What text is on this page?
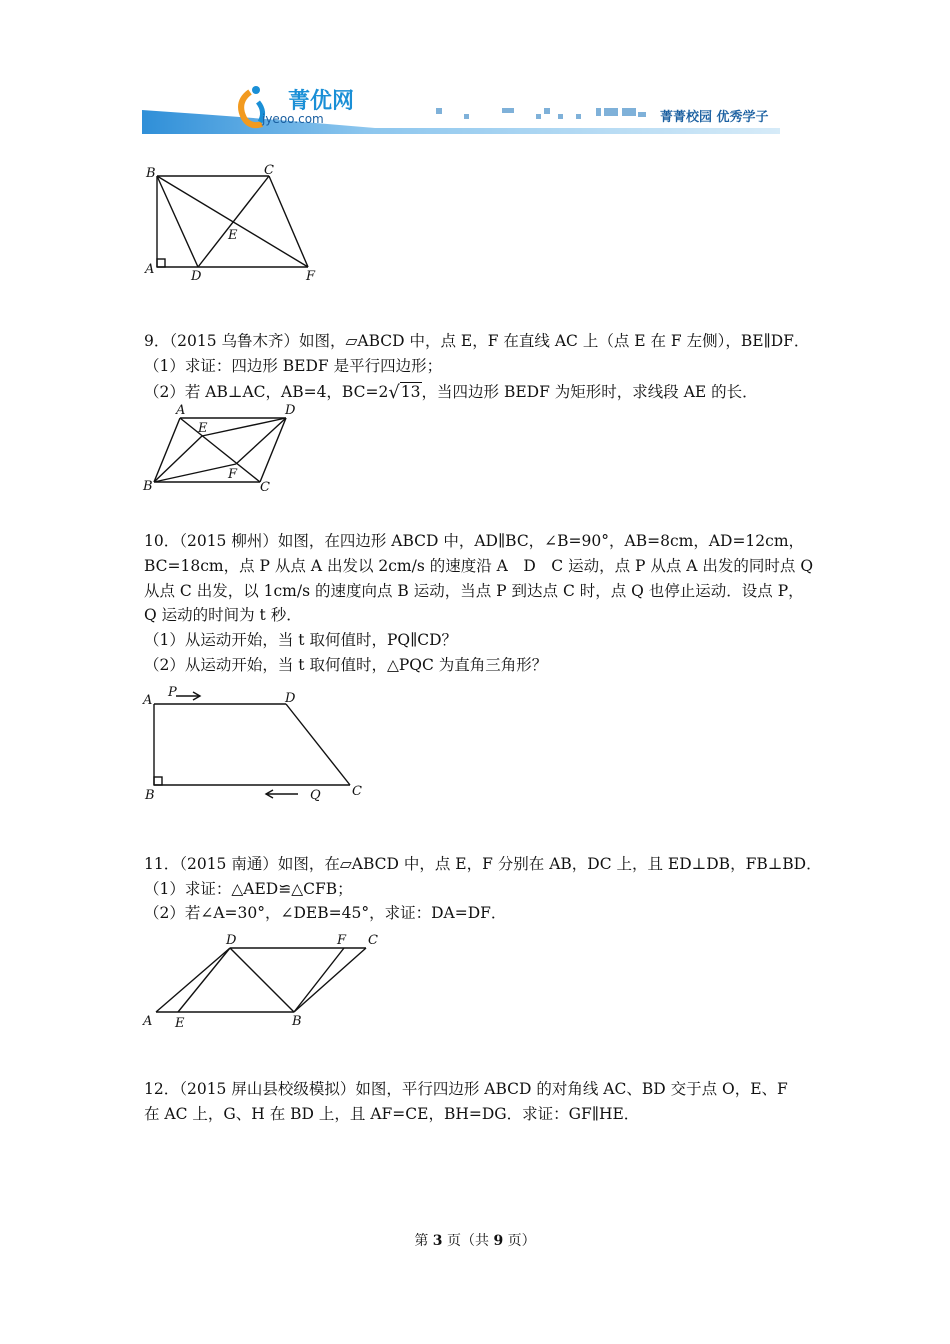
菁优网
jyeoo.com	菁菁校园 优秀学子
B	C
E
A	D	F
9．（2015 乌鲁木齐）如图，▱ABCD 中，点 E，F 在直线 AC 上（点 E 在 F 左侧），BE∥DF．
（1）求证：四边形 BEDF 是平行四边形；
（2）若 AB⊥AC，AB=4，BC=2√13，当四边形 BEDF 为矩形时，求线段 AE 的长．
A	D
E
F
B	C
10．（2015 柳州）如图，在四边形 ABCD 中，AD∥BC，∠B=90°，AB=8cm，AD=12cm，
BC=18cm，点 P 从点 A 出发以 2cm/s 的速度沿 A　D　C 运动，点 P 从点 A 出发的同时点 Q
从点 C 出发，以 1cm/s 的速度向点 B 运动，当点 P 到达点 C 时，点 Q 也停止运动．设点 P，
Q 运动的时间为 t 秒．
（1）从运动开始，当 t 取何值时，PQ∥CD？
（2）从运动开始，当 t 取何值时，△PQC 为直角三角形？
A
P	D
B	Q C
11．（2015 南通）如图，在▱ABCD 中，点 E，F 分别在 AB，DC 上，且 ED⊥DB，FB⊥BD．
（1）求证：△AED≌△CFB；
（2）若∠A=30°，∠DEB=45°，求证：DA=DF．
D	F C
A E	B
12．（2015 屏山县校级模拟）如图，平行四边形 ABCD 的对角线 AC、BD 交于点 O，E、F
在 AC 上，G、H 在 BD 上，且 AF=CE，BH=DG．求证：GF∥HE．
第 3 页（共 9 页）
